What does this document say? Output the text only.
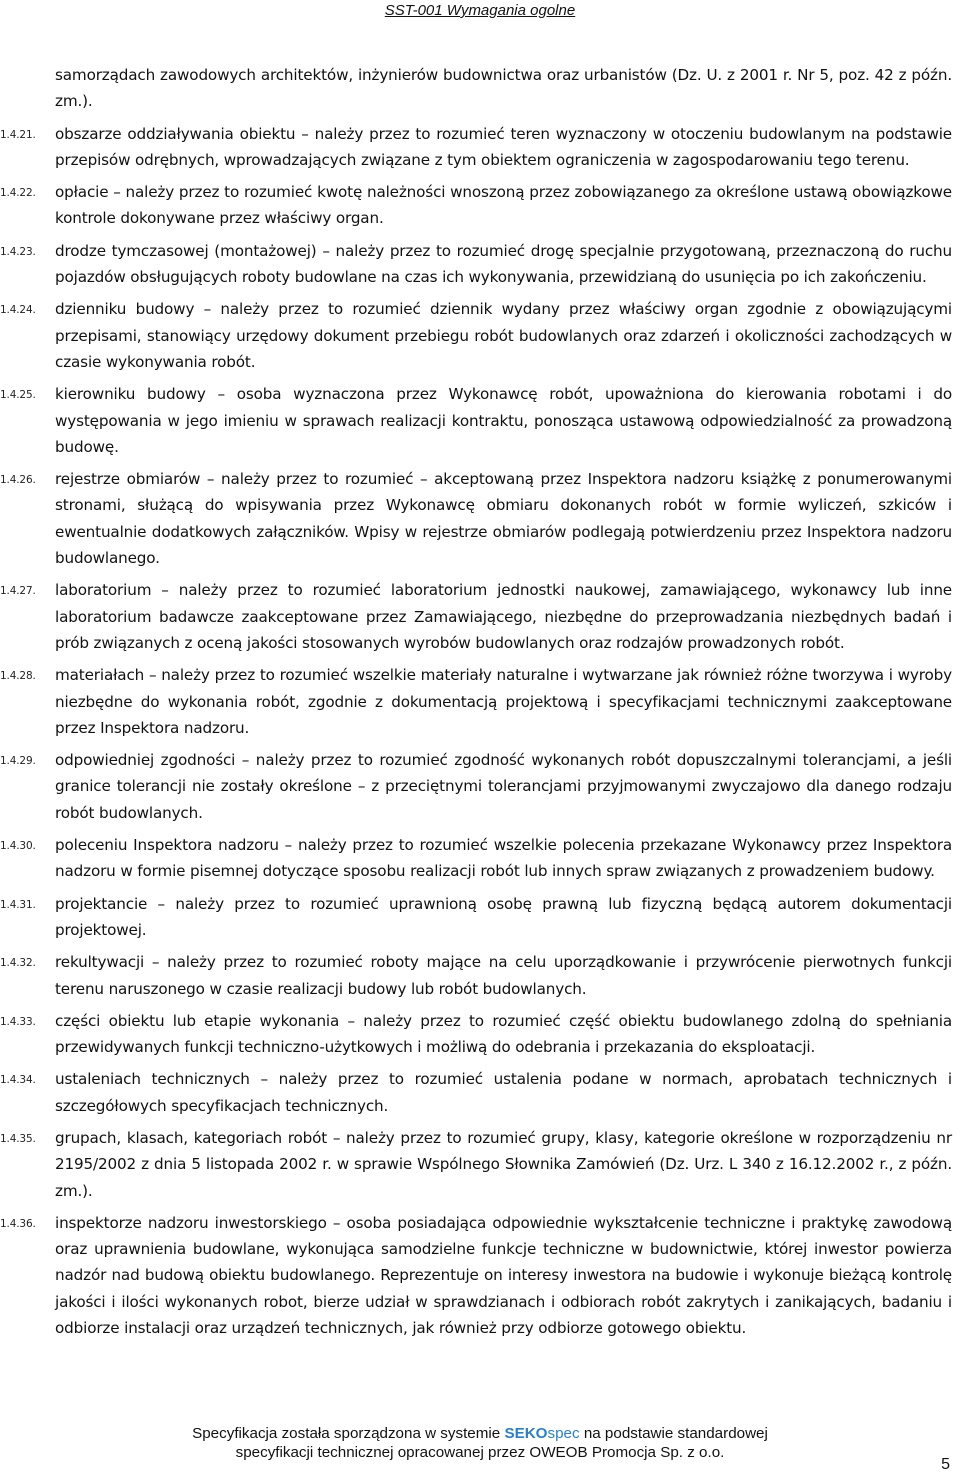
SST-001 Wymagania ogolne

samorządach zawodowych architektów, inżynierów budownictwa oraz urbanistów (Dz. U. z 2001 r. Nr 5, poz. 42 z późn. zm.).

1.4.21.	obszarze oddziaływania obiektu – należy przez to rozumieć teren wyznaczony w otoczeniu budowlanym na podstawie przepisów odrębnych, wprowadzających związane z tym obiektem ograniczenia w zagospodarowaniu tego terenu.

1.4.22.	opłacie – należy przez to rozumieć kwotę należności wnoszoną przez zobowiązanego za określone ustawą obowiązkowe kontrole dokonywane przez właściwy organ.

1.4.23.	drodze tymczasowej (montażowej) – należy przez to rozumieć drogę specjalnie przygotowaną, przeznaczoną do ruchu pojazdów obsługujących roboty budowlane na czas ich wykonywania, przewidzianą do usunięcia po ich zakończeniu.

1.4.24.	dzienniku budowy – należy przez to rozumieć dziennik wydany przez właściwy organ zgodnie z obowiązującymi przepisami, stanowiący urzędowy dokument przebiegu robót budowlanych oraz zdarzeń i okoliczności zachodzących w czasie wykonywania robót.

1.4.25.	kierowniku budowy – osoba wyznaczona przez Wykonawcę robót, upoważniona do kierowania robotami i do występowania w jego imieniu w sprawach realizacji kontraktu, ponosząca ustawową odpowiedzialność za prowadzoną budowę.

1.4.26.	rejestrze obmiarów – należy przez to rozumieć – akceptowaną przez Inspektora nadzoru książkę z ponumerowanymi stronami, służącą do wpisywania przez Wykonawcę obmiaru dokonanych robót w formie wyliczeń, szkiców i ewentualnie dodatkowych załączników. Wpisy w rejestrze obmiarów podlegają potwierdzeniu przez Inspektora nadzoru budowlanego.

1.4.27.	laboratorium – należy przez to rozumieć laboratorium jednostki naukowej, zamawiającego, wykonawcy lub inne laboratorium badawcze zaakceptowane przez Zamawiającego, niezbędne do przeprowadzania niezbędnych badań i prób związanych z oceną jakości stosowanych wyrobów budowlanych oraz rodzajów prowadzonych robót.

1.4.28.	materiałach – należy przez to rozumieć wszelkie materiały naturalne i wytwarzane jak również różne tworzywa i wyroby niezbędne do wykonania robót, zgodnie z dokumentacją projektową i specyfikacjami technicznymi zaakceptowane przez Inspektora nadzoru.

1.4.29.	odpowiedniej zgodności – należy przez to rozumieć zgodność wykonanych robót dopuszczalnymi tolerancjami, a jeśli granice tolerancji nie zostały określone – z przeciętnymi tolerancjami przyjmowanymi zwyczajowo dla danego rodzaju robót budowlanych.

1.4.30.	poleceniu Inspektora nadzoru – należy przez to rozumieć wszelkie polecenia przekazane Wykonawcy przez Inspektora nadzoru w formie pisemnej dotyczące sposobu realizacji robót lub innych spraw związanych z prowadzeniem budowy.

1.4.31.	projektancie – należy przez to rozumieć uprawnioną osobę prawną lub fizyczną będącą autorem dokumentacji projektowej.

1.4.32.	rekultywacji – należy przez to rozumieć roboty mające na celu uporządkowanie i przywrócenie pierwotnych funkcji terenu naruszonego w czasie realizacji budowy lub robót budowlanych.

1.4.33.	części obiektu lub etapie wykonania – należy przez to rozumieć część obiektu budowlanego zdolną do spełniania przewidywanych funkcji techniczno-użytkowych i możliwą do odebrania i przekazania do eksploatacji.

1.4.34.	ustaleniach technicznych – należy przez to rozumieć ustalenia podane w normach, aprobatach technicznych i szczegółowych specyfikacjach technicznych.

1.4.35.	grupach, klasach, kategoriach robót – należy przez to rozumieć grupy, klasy, kategorie określone w rozporządzeniu nr 2195/2002 z dnia 5 listopada 2002 r. w sprawie Wspólnego Słownika Zamówień (Dz. Urz. L 340 z 16.12.2002 r., z późn. zm.).

1.4.36.	inspektorze nadzoru inwestorskiego – osoba posiadająca odpowiednie wykształcenie techniczne i praktykę zawodową oraz uprawnienia budowlane, wykonująca samodzielne funkcje techniczne w budownictwie, której inwestor powierza nadzór nad budową obiektu budowlanego. Reprezentuje on interesy inwestora na budowie i wykonuje bieżącą kontrolę jakości i ilości wykonanych robot, bierze udział w sprawdzianach i odbiorach robót zakrytych i zanikających, badaniu i odbiorze instalacji oraz urządzeń technicznych, jak również przy odbiorze gotowego obiektu.

Specyfikacja została sporządzona w systemie SEKOspec na podstawie standardowej
specyfikacji technicznej opracowanej przez OWEOB Promocja Sp. z o.o.
5
